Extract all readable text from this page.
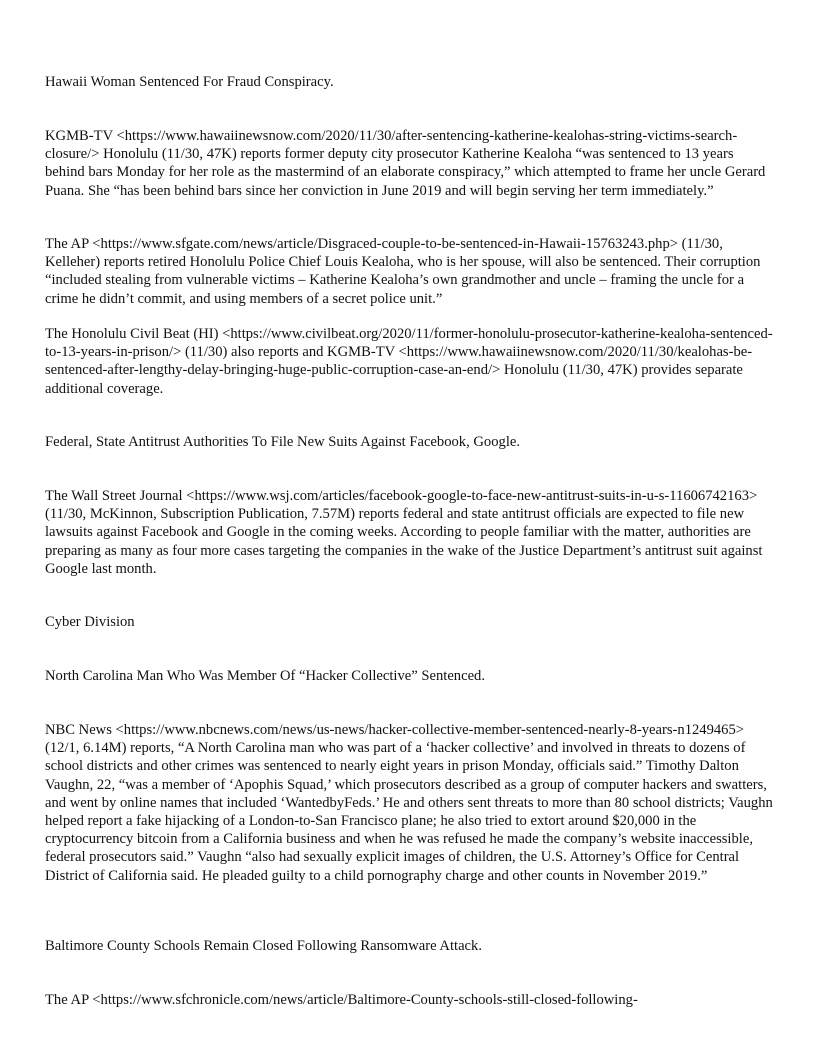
Hawaii Woman Sentenced For Fraud Conspiracy.

KGMB-TV <https://www.hawaiinewsnow.com/2020/11/30/after-sentencing-katherine-kealohas-string-victims-search-closure/> Honolulu (11/30, 47K) reports former deputy city prosecutor Katherine Kealoha “was sentenced to 13 years behind bars Monday for her role as the mastermind of an elaborate conspiracy,” which attempted to frame her uncle Gerard Puana. She “has been behind bars since her conviction in June 2019 and will begin serving her term immediately.”

The AP <https://www.sfgate.com/news/article/Disgraced-couple-to-be-sentenced-in-Hawaii-15763243.php> (11/30, Kelleher) reports retired Honolulu Police Chief Louis Kealoha, who is her spouse, will also be sentenced. Their corruption “included stealing from vulnerable victims – Katherine Kealoha’s own grandmother and uncle – framing the uncle for a crime he didn’t commit, and using members of a secret police unit.”

The Honolulu Civil Beat (HI) <https://www.civilbeat.org/2020/11/former-honolulu-prosecutor-katherine-kealoha-sentenced-to-13-years-in-prison/> (11/30) also reports and KGMB-TV <https://www.hawaiinewsnow.com/2020/11/30/kealohas-be-sentenced-after-lengthy-delay-bringing-huge-public-corruption-case-an-end/> Honolulu (11/30, 47K) provides separate additional coverage.

Federal, State Antitrust Authorities To File New Suits Against Facebook, Google.

The Wall Street Journal <https://www.wsj.com/articles/facebook-google-to-face-new-antitrust-suits-in-u-s-11606742163> (11/30, McKinnon, Subscription Publication, 7.57M) reports federal and state antitrust officials are expected to file new lawsuits against Facebook and Google in the coming weeks. According to people familiar with the matter, authorities are preparing as many as four more cases targeting the companies in the wake of the Justice Department’s antitrust suit against Google last month.

Cyber Division

North Carolina Man Who Was Member Of “Hacker Collective” Sentenced.

NBC News <https://www.nbcnews.com/news/us-news/hacker-collective-member-sentenced-nearly-8-years-n1249465> (12/1, 6.14M) reports, “A North Carolina man who was part of a ‘hacker collective’ and involved in threats to dozens of school districts and other crimes was sentenced to nearly eight years in prison Monday, officials said.” Timothy Dalton Vaughn, 22, “was a member of ‘Apophis Squad,’ which prosecutors described as a group of computer hackers and swatters, and went by online names that included ‘WantedbyFeds.’ He and others sent threats to more than 80 school districts; Vaughn helped report a fake hijacking of a London-to-San Francisco plane; he also tried to extort around $20,000 in the cryptocurrency bitcoin from a California business and when he was refused he made the company’s website inaccessible, federal prosecutors said.” Vaughn “also had sexually explicit images of children, the U.S. Attorney’s Office for Central District of California said. He pleaded guilty to a child pornography charge and other counts in November 2019.”

Baltimore County Schools Remain Closed Following Ransomware Attack.

The AP <https://www.sfchronicle.com/news/article/Baltimore-County-schools-still-closed-following-
